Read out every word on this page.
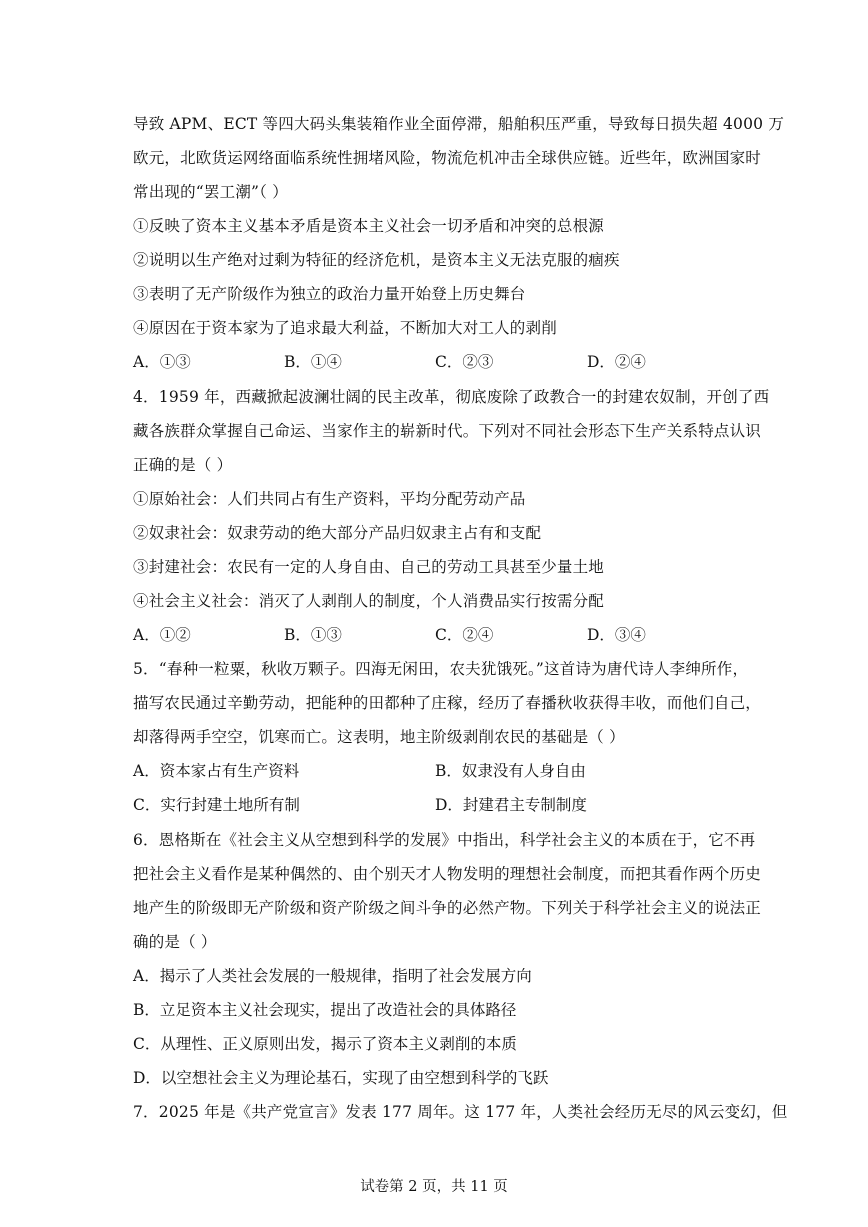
导致 APM、ECT 等四大码头集装箱作业全面停滞，船舶积压严重，导致每日损失超 4000 万
欧元，北欧货运网络面临系统性拥堵风险，物流危机冲击全球供应链。近些年，欧洲国家时
常出现的“罢工潮”（ ）
①反映了资本主义基本矛盾是资本主义社会一切矛盾和冲突的总根源
②说明以生产绝对过剩为特征的经济危机，是资本主义无法克服的痼疾
③表明了无产阶级作为独立的政治力量开始登上历史舞台
④原因在于资本家为了追求最大利益，不断加大对工人的剥削
A．①③	B．①④	C．②③	D．②④
4．1959 年，西藏掀起波澜壮阔的民主改革，彻底废除了政教合一的封建农奴制，开创了西
藏各族群众掌握自己命运、当家作主的崭新时代。下列对不同社会形态下生产关系特点认识
正确的是（ ）
①原始社会：人们共同占有生产资料，平均分配劳动产品
②奴隶社会：奴隶劳动的绝大部分产品归奴隶主占有和支配
③封建社会：农民有一定的人身自由、自己的劳动工具甚至少量土地
④社会主义社会：消灭了人剥削人的制度，个人消费品实行按需分配
A．①②	B．①③	C．②④	D．③④
5．“春种一粒粟，秋收万颗子。四海无闲田，农夫犹饿死。”这首诗为唐代诗人李绅所作，
描写农民通过辛勤劳动，把能种的田都种了庄稼，经历了春播秋收获得丰收，而他们自己，
却落得两手空空，饥寒而亡。这表明，地主阶级剥削农民的基础是（ ）
A．资本家占有生产资料	B．奴隶没有人身自由
C．实行封建土地所有制	D．封建君主专制制度
6．恩格斯在《社会主义从空想到科学的发展》中指出，科学社会主义的本质在于，它不再
把社会主义看作是某种偶然的、由个别天才人物发明的理想社会制度，而把其看作两个历史
地产生的阶级即无产阶级和资产阶级之间斗争的必然产物。下列关于科学社会主义的说法正
确的是（ ）
A．揭示了人类社会发展的一般规律，指明了社会发展方向
B．立足资本主义社会现实，提出了改造社会的具体路径
C．从理性、正义原则出发，揭示了资本主义剥削的本质
D．以空想社会主义为理论基石，实现了由空想到科学的飞跃
7．2025 年是《共产党宣言》发表 177 周年。这 177 年，人类社会经历无尽的风云变幻，但
试卷第 2 页，共 11 页
